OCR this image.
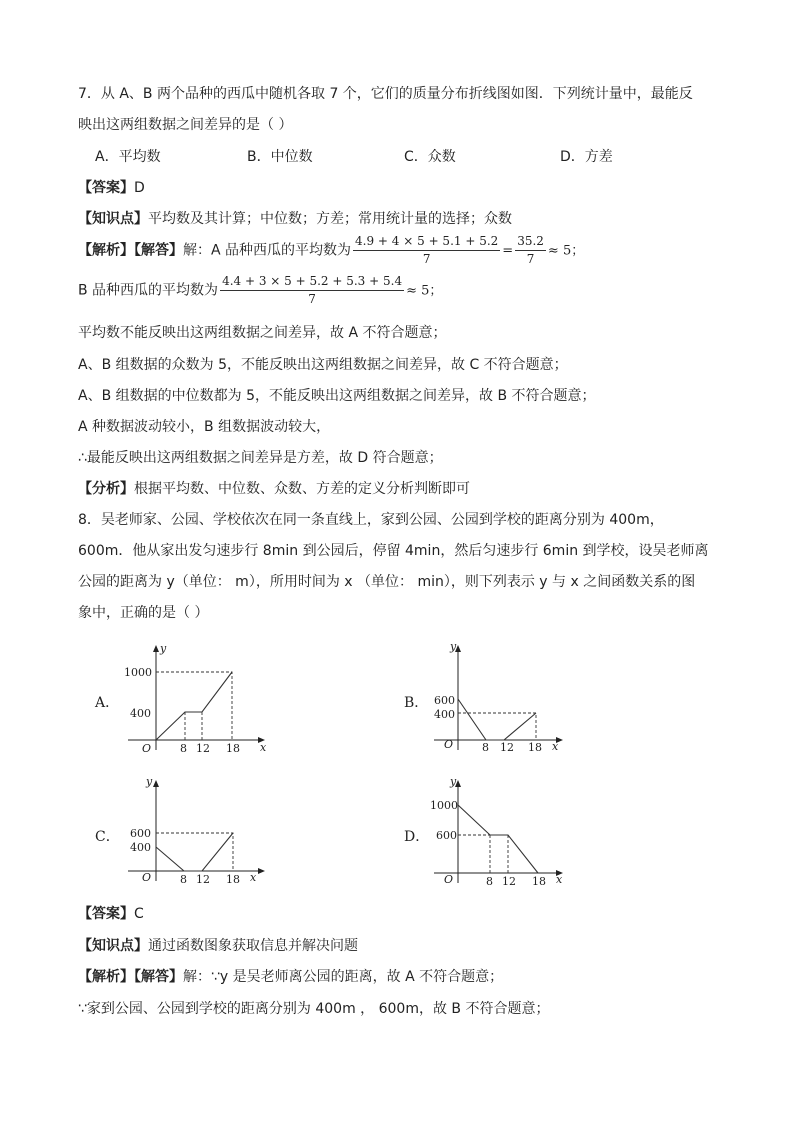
7．从 A、B 两个品种的西瓜中随机各取 7 个，它们的质量分布折线图如图．下列统计量中，最能反
映出这两组数据之间差异的是（ ）
A．平均数	B．中位数	C．众数	D．方差
【答案】D
【知识点】平均数及其计算；中位数；方差；常用统计量的选择；众数
【解析】【解答】解：A 品种西瓜的平均数为 $\frac{4.9 + 4 \times 5 + 5.1 + 5.2}{7} = \frac{35.2}{7} \approx 5$；
B 品种西瓜的平均数为 $\frac{4.4 + 3 \times 5 + 5.2 + 5.3 + 5.4}{7} \approx 5$；
平均数不能反映出这两组数据之间差异，故 A 不符合题意；
A、B 组数据的众数为 5，不能反映出这两组数据之间差异，故 C 不符合题意；
A、B 组数据的中位数都为 5，不能反映出这两组数据之间差异，故 B 不符合题意；
A 种数据波动较小，B 组数据波动较大，
∴最能反映出这两组数据之间差异是方差，故 D 符合题意；
【分析】根据平均数、中位数、众数、方差的定义分析判断即可
8．吴老师家、公园、学校依次在同一条直线上，家到公园、公园到学校的距离分别为 400m，
600m．他从家出发匀速步行 8min 到公园后，停留 4min，然后匀速步行 6min 到学校，设吴老师离
公园的距离为 y（单位： m），所用时间为 x （单位： min），则下列表示 y 与 x 之间函数关系的图
象中，正确的是（ ）
A．	B．
C．	D．
y
x
O
1000
400
8 12 18
y
x
O
600
400
8 12 18
y
x
O
600
400
8 12 18
y
x
O
1000
600
8 12 18
【答案】C
【知识点】通过函数图象获取信息并解决问题
【解析】【解答】解：∵y 是吴老师离公园的距离，故 A 不符合题意；
∵家到公园、公园到学校的距离分别为 400m ， 600m，故 B 不符合题意；
